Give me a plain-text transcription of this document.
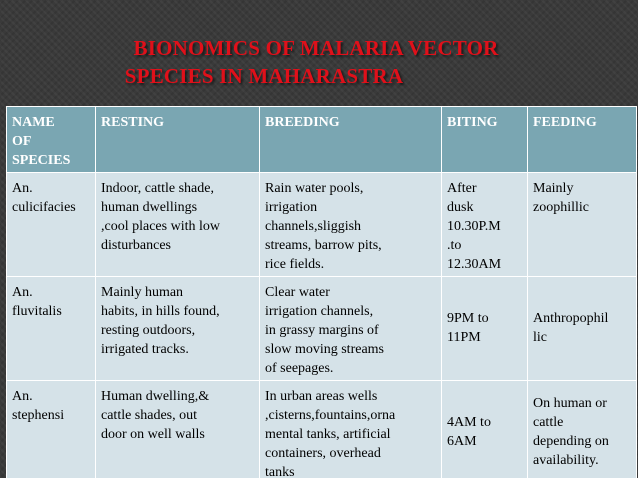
BIONOMICS OF MALARIA VECTOR
SPECIES IN MAHARASTRA
NAME
OF
SPECIES	RESTING	BREEDING	BITING	FEEDING
An.
culicifacies	Indoor, cattle shade,
human dwellings
,cool places with low
disturbances	Rain water pools,
irrigation
channels,sliggish
streams, barrow pits,
rice fields.	After
dusk
10.30P.M
.to
12.30AM	Mainly
zoophillic
An.
fluvitalis	Mainly human
habits, in hills found,
resting outdoors,
irrigated tracks.	Clear water
irrigation channels,
in grassy margins of
slow moving streams
of seepages.	9PM to
11PM	Anthropophil
lic
An.
stephensi	Human dwelling,&
cattle shades, out
door on well walls	In urban areas wells
,cisterns,fountains,orna
mental tanks, artificial
containers, overhead
tanks	4AM to
6AM	On human or
cattle
depending on
availability.
